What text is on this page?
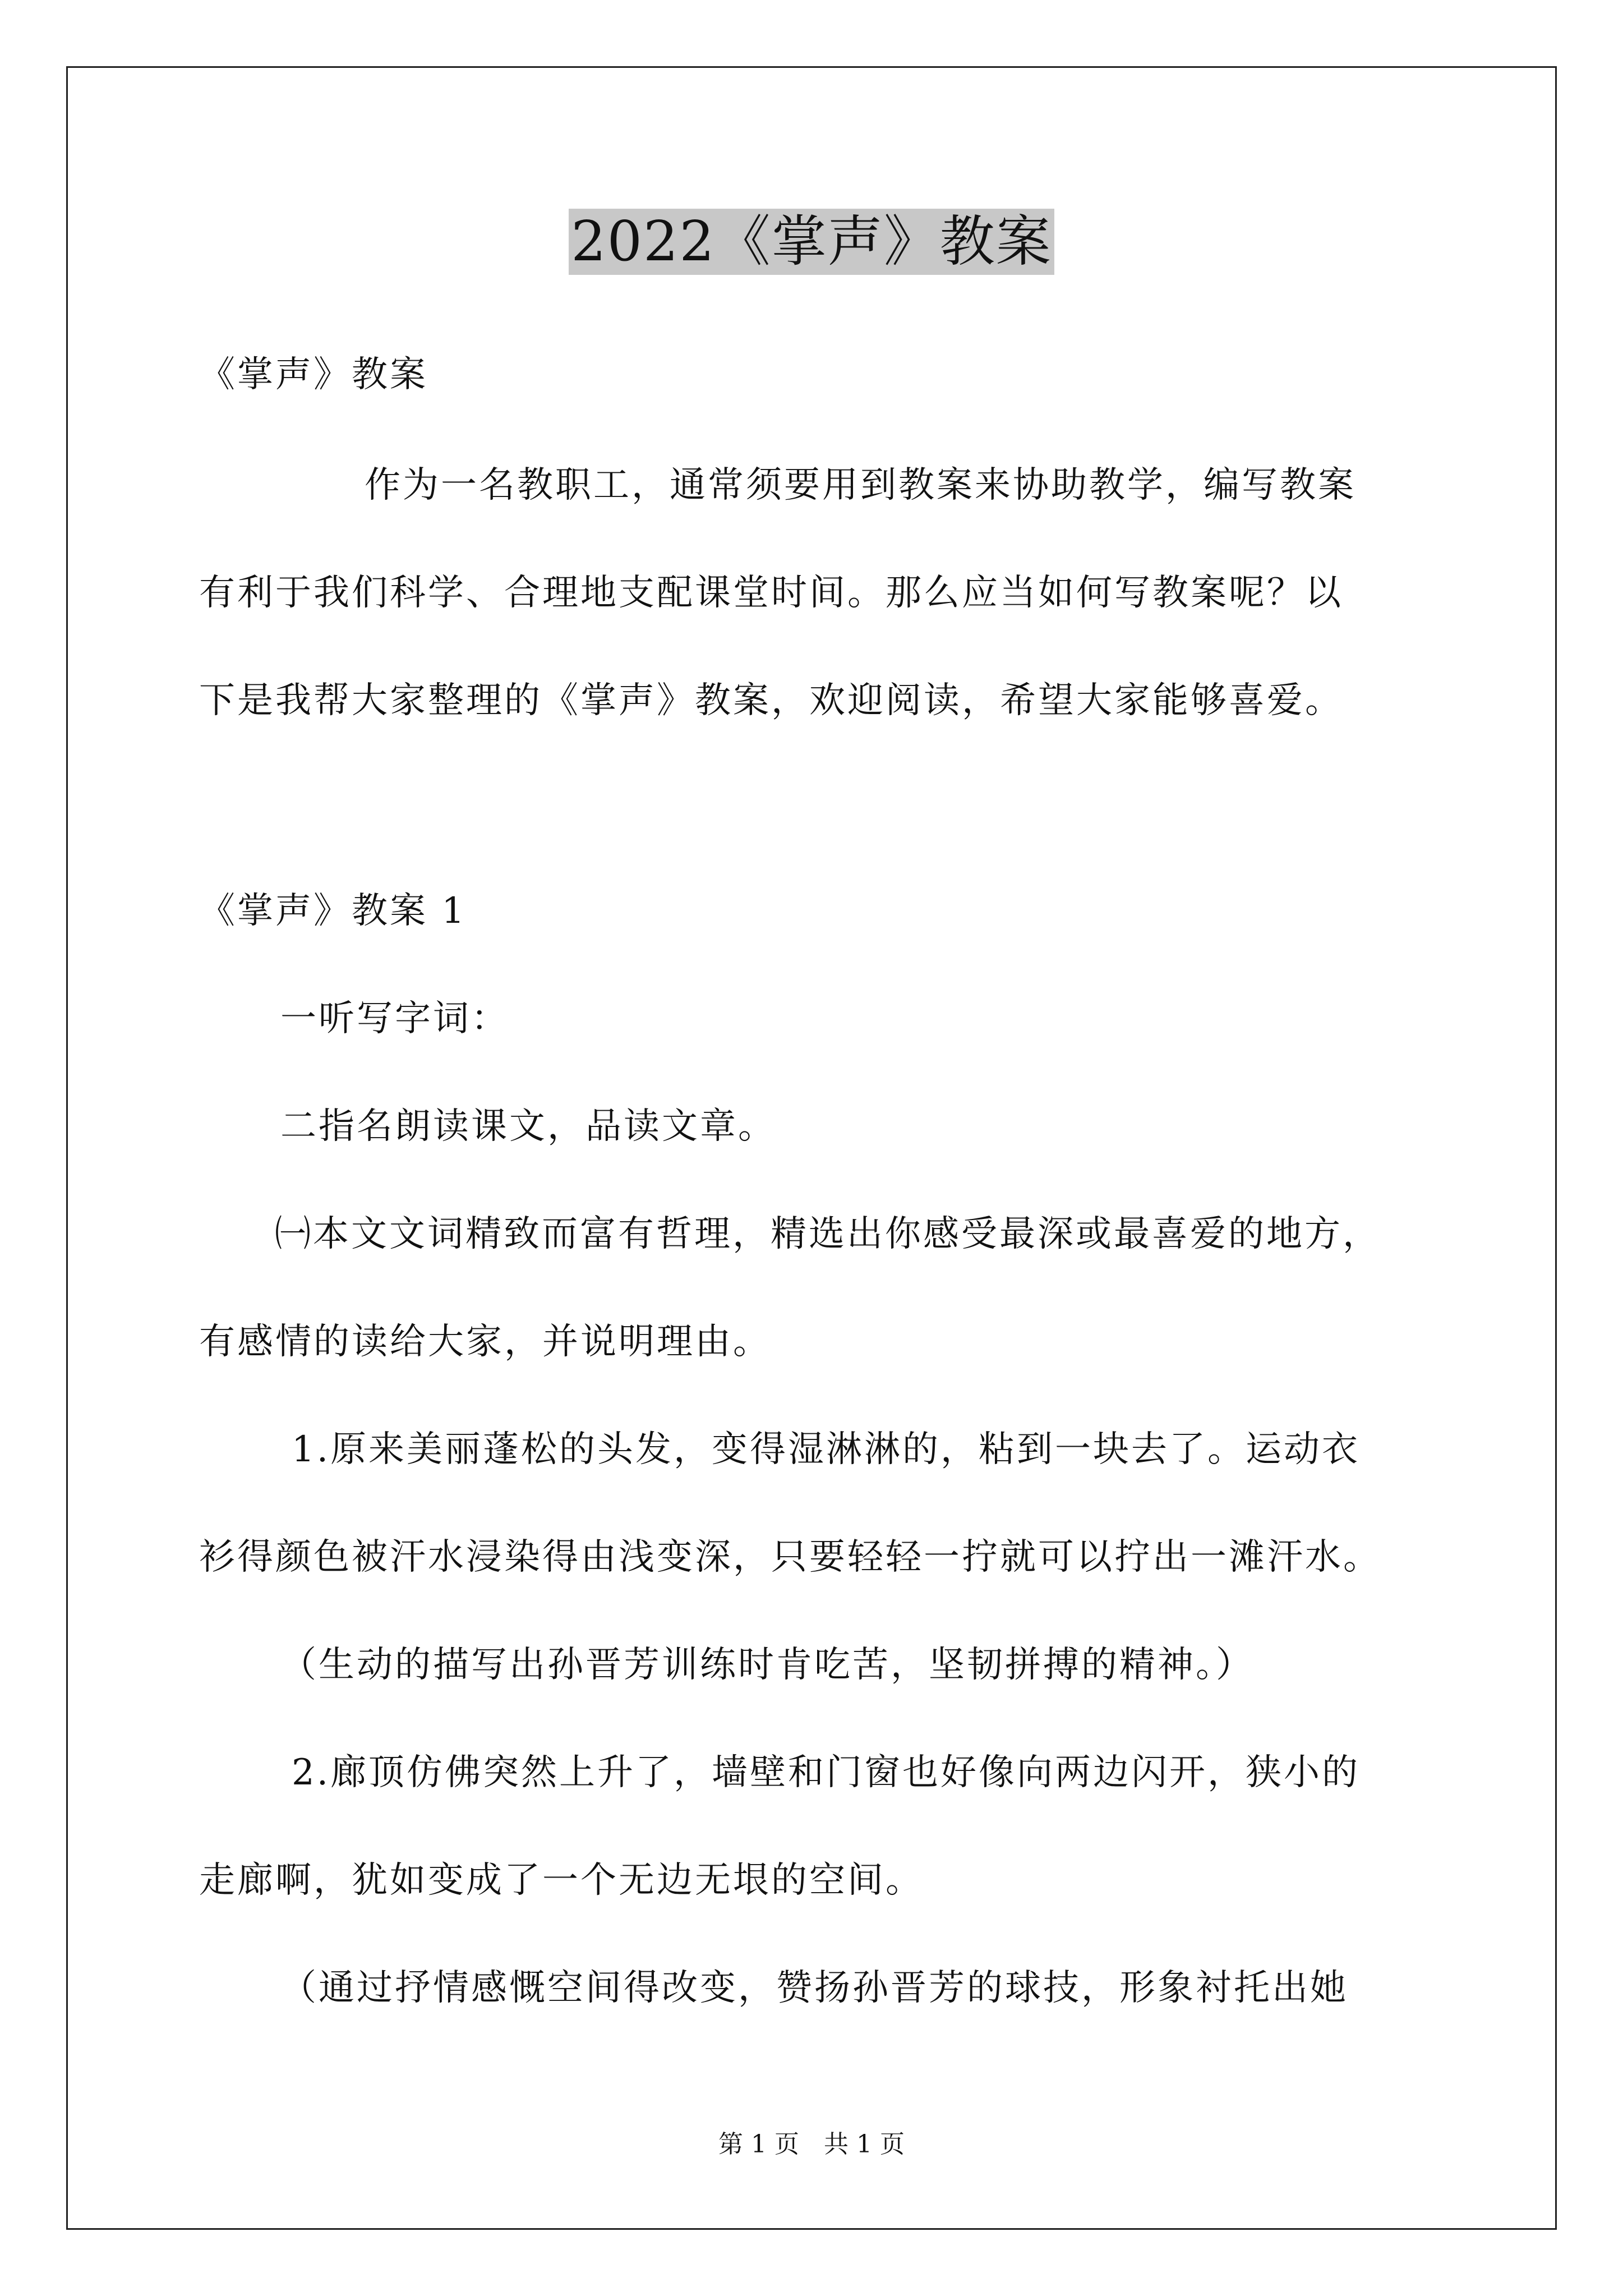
2022《掌声》教案
《掌声》教案
作为一名教职工，通常须要用到教案来协助教学，编写教案
有利于我们科学、合理地支配课堂时间。那么应当如何写教案呢？以
下是我帮大家整理的《掌声》教案，欢迎阅读，希望大家能够喜爱。
《掌声》教案 1
一听写字词：
二指名朗读课文，品读文章。
㈠本文文词精致而富有哲理，精选出你感受最深或最喜爱的地方，
有感情的读给大家，并说明理由。
1.原来美丽蓬松的头发，变得湿淋淋的，粘到一块去了。运动衣
衫得颜色被汗水浸染得由浅变深，只要轻轻一拧就可以拧出一滩汗水。
（生动的描写出孙晋芳训练时肯吃苦，坚韧拼搏的精神。）
2.廊顶仿佛突然上升了，墙壁和门窗也好像向两边闪开，狭小的
走廊啊，犹如变成了一个无边无垠的空间。
（通过抒情感慨空间得改变，赞扬孙晋芳的球技，形象衬托出她
第 1 页　共 1 页
